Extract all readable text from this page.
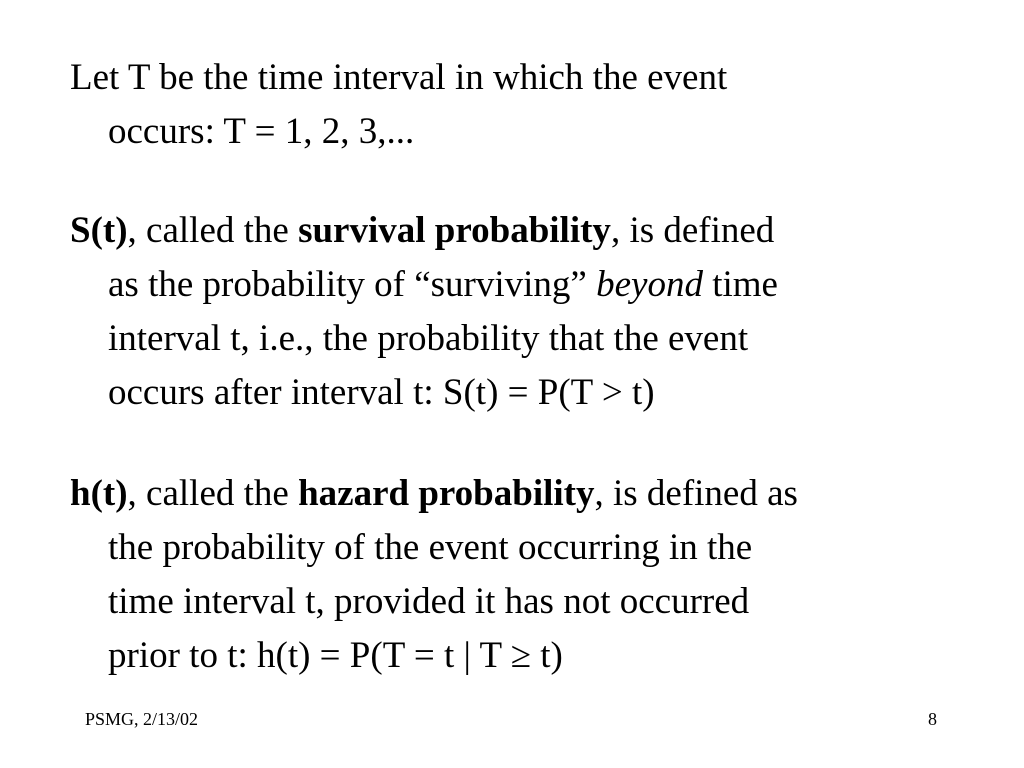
Let T be the time interval in which the event
occurs: T = 1, 2, 3,...
S(t), called the survival probability, is defined
as the probability of “surviving” beyond time
interval t, i.e., the probability that the event
occurs after interval t: S(t) = P(T > t)
h(t), called the hazard probability, is defined as
the probability of the event occurring in the
time interval t, provided it has not occurred
prior to t: h(t) = P(T = t | T ≥ t)
PSMG, 2/13/02	8
